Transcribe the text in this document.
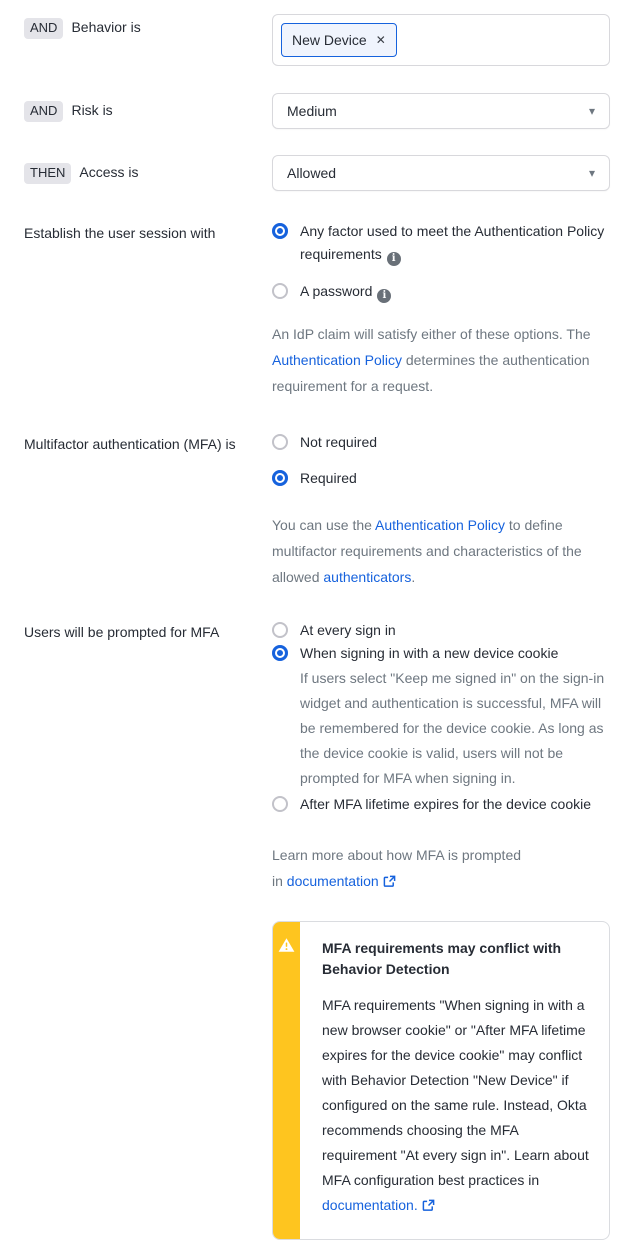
AND Behavior is
New Device ✕
AND Risk is	Medium	▾
THEN Access is	Allowed	▾
Establish the user session with	Any factor used to meet the Authentication Policy requirements i
A password i

An IdP claim will satisfy either of these options. The Authentication Policy determines the authentication requirement for a request.

Multifactor authentication (MFA) is	Not required
Required

You can use the Authentication Policy to define multifactor requirements and characteristics of the allowed authenticators.

Users will be prompted for MFA	At every sign in
When signing in with a new device cookie
If users select "Keep me signed in" on the sign-in widget and authentication is successful, MFA will be remembered for the device cookie. As long as the device cookie is valid, users will not be prompted for MFA when signing in.
After MFA lifetime expires for the device cookie

Learn more about how MFA is prompted
in documentation

MFA requirements may conflict with Behavior Detection
MFA requirements "When signing in with a new browser cookie" or "After MFA lifetime expires for the device cookie" may conflict with Behavior Detection "New Device" if configured on the same rule. Instead, Okta recommends choosing the MFA requirement "At every sign in". Learn about MFA configuration best practices in documentation.
